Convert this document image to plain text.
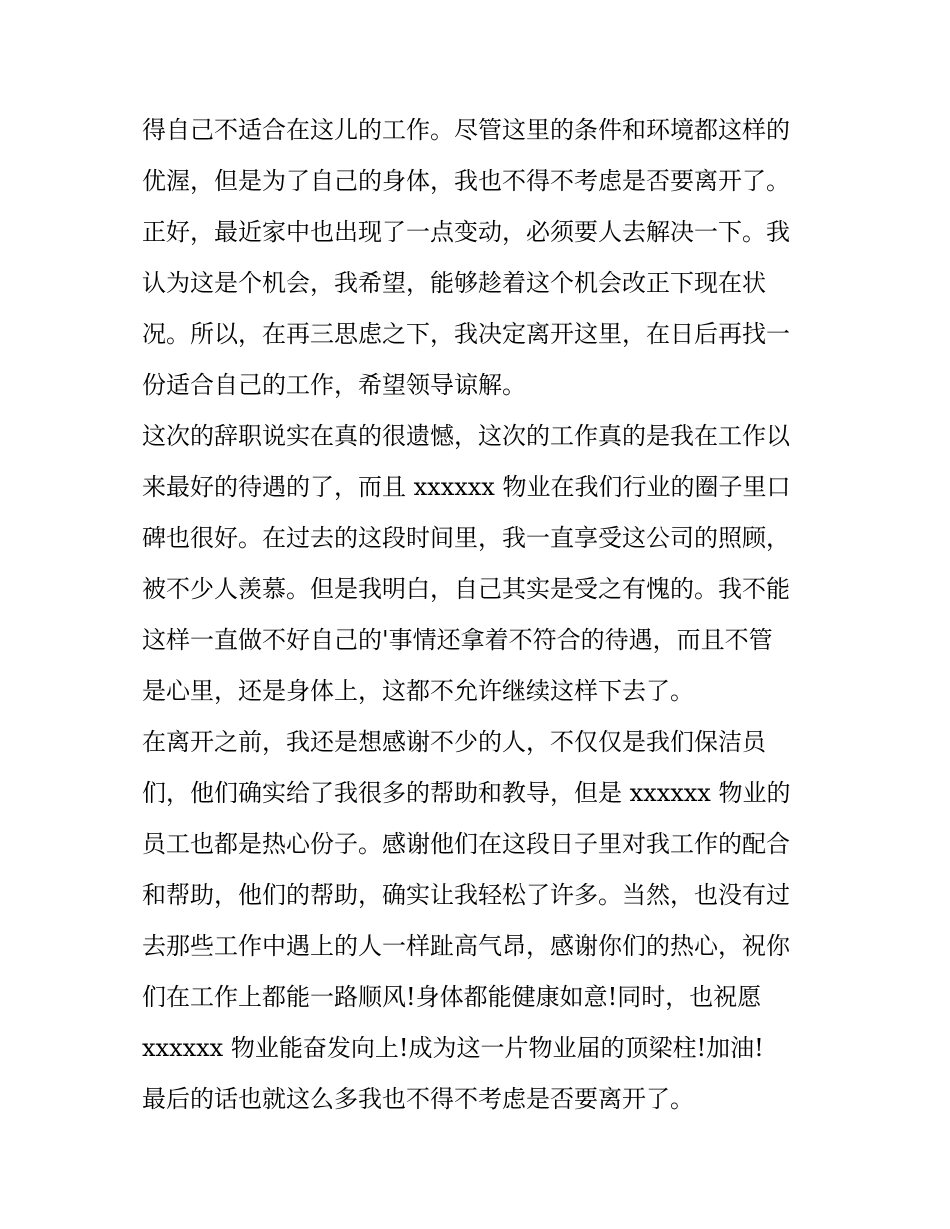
得自己不适合在这儿的工作。尽管这里的条件和环境都这样的
优渥，但是为了自己的身体，我也不得不考虑是否要离开了。
正好，最近家中也出现了一点变动，必须要人去解决一下。我
认为这是个机会，我希望，能够趁着这个机会改正下现在状
况。所以，在再三思虑之下，我决定离开这里，在日后再找一
份适合自己的工作，希望领导谅解。
这次的辞职说实在真的很遗憾，这次的工作真的是我在工作以
来最好的待遇的了，而且 xxxxxx 物业在我们行业的圈子里口
碑也很好。在过去的这段时间里，我一直享受这公司的照顾，
被不少人羡慕。但是我明白，自己其实是受之有愧的。我不能
这样一直做不好自己的'事情还拿着不符合的待遇，而且不管
是心里，还是身体上，这都不允许继续这样下去了。
在离开之前，我还是想感谢不少的人，不仅仅是我们保洁员
们，他们确实给了我很多的帮助和教导，但是 xxxxxx 物业的
员工也都是热心份子。感谢他们在这段日子里对我工作的配合
和帮助，他们的帮助，确实让我轻松了许多。当然，也没有过
去那些工作中遇上的人一样趾高气昂，感谢你们的热心，祝你
们在工作上都能一路顺风!身体都能健康如意!同时，也祝愿
xxxxxx 物业能奋发向上!成为这一片物业届的顶梁柱!加油!
最后的话也就这么多我也不得不考虑是否要离开了。
